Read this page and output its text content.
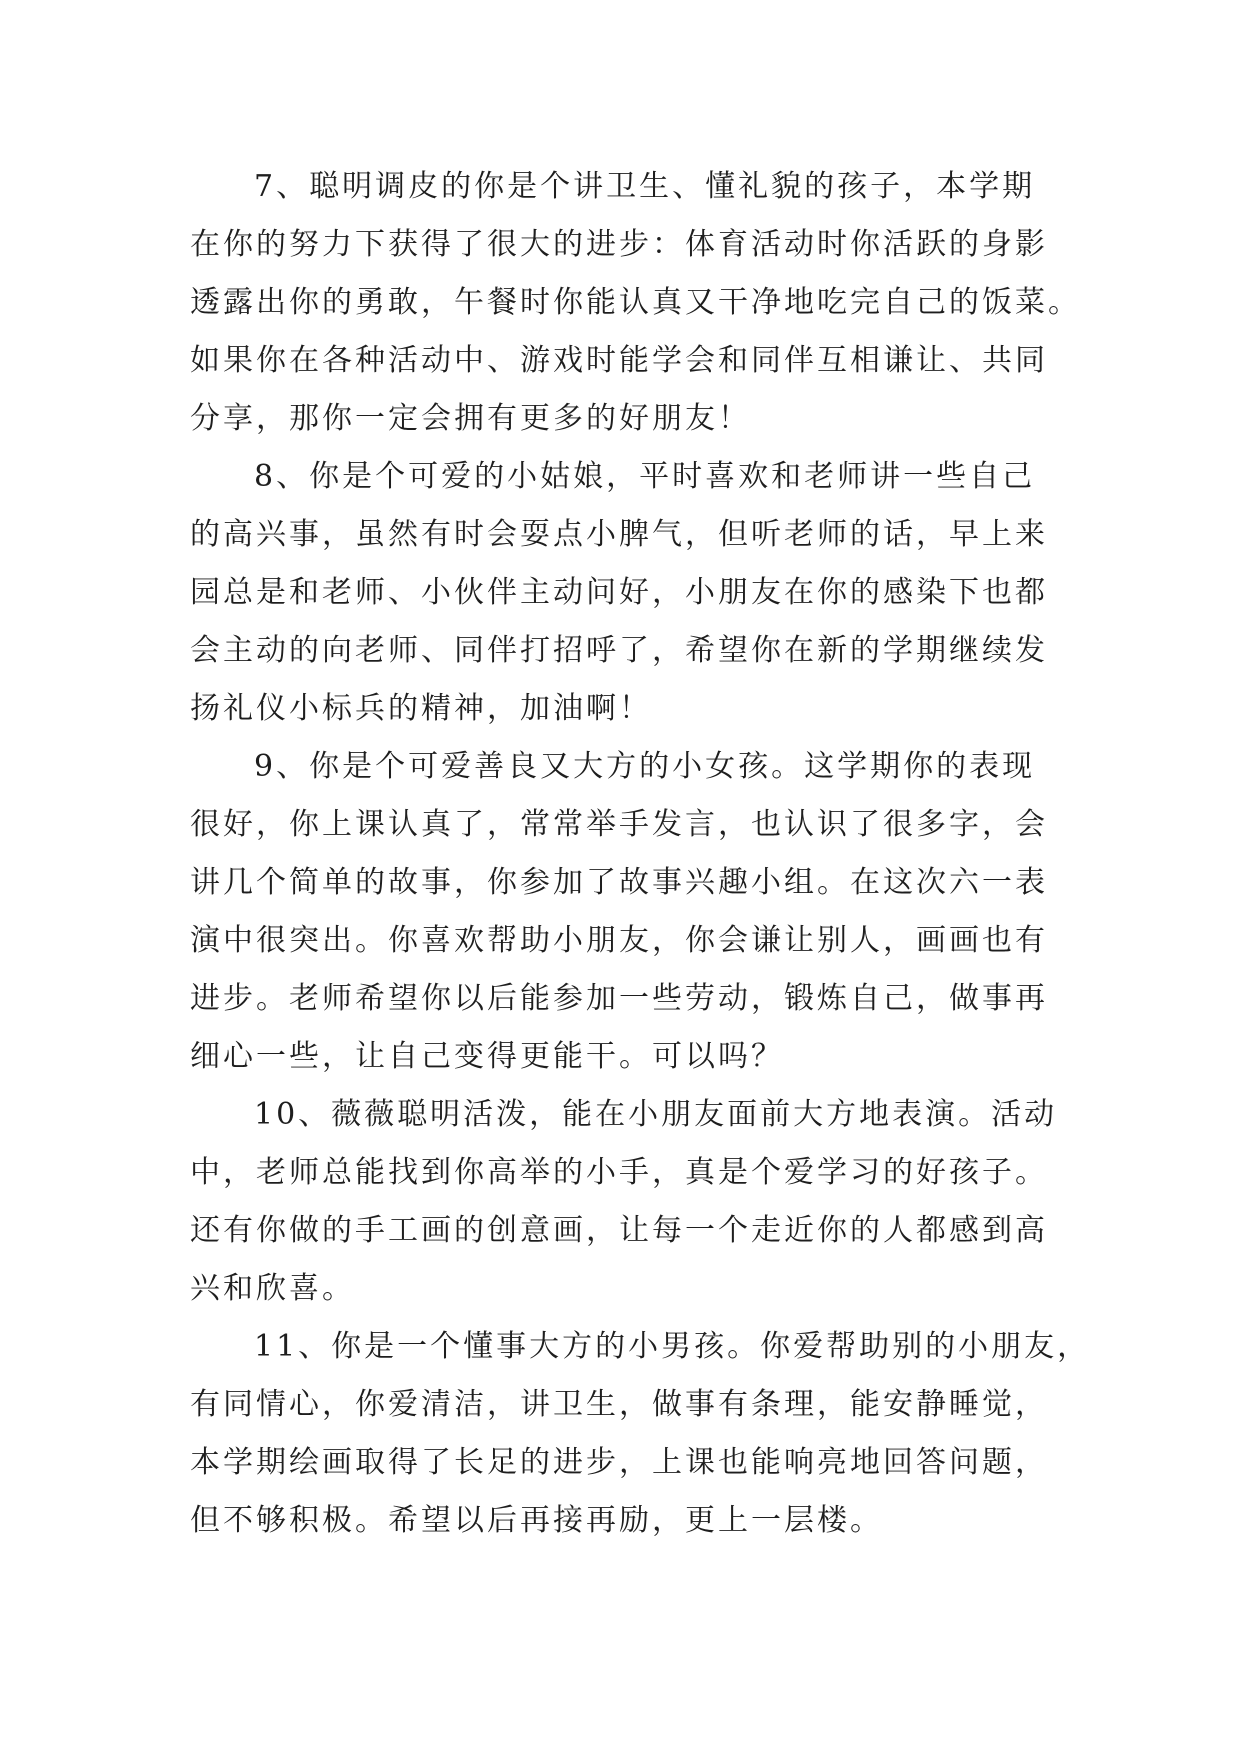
7、聪明调皮的你是个讲卫生、懂礼貌的孩子，本学期
在你的努力下获得了很大的进步：体育活动时你活跃的身影
透露出你的勇敢，午餐时你能认真又干净地吃完自己的饭菜。
如果你在各种活动中、游戏时能学会和同伴互相谦让、共同
分享，那你一定会拥有更多的好朋友！
8、你是个可爱的小姑娘，平时喜欢和老师讲一些自己
的高兴事，虽然有时会耍点小脾气，但听老师的话，早上来
园总是和老师、小伙伴主动问好，小朋友在你的感染下也都
会主动的向老师、同伴打招呼了，希望你在新的学期继续发
扬礼仪小标兵的精神，加油啊！
9、你是个可爱善良又大方的小女孩。这学期你的表现
很好，你上课认真了，常常举手发言，也认识了很多字，会
讲几个简单的故事，你参加了故事兴趣小组。在这次六一表
演中很突出。你喜欢帮助小朋友，你会谦让别人，画画也有
进步。老师希望你以后能参加一些劳动，锻炼自己，做事再
细心一些，让自己变得更能干。可以吗？
10、薇薇聪明活泼，能在小朋友面前大方地表演。活动
中，老师总能找到你高举的小手，真是个爱学习的好孩子。
还有你做的手工画的创意画，让每一个走近你的人都感到高
兴和欣喜。
11、你是一个懂事大方的小男孩。你爱帮助别的小朋友，
有同情心，你爱清洁，讲卫生，做事有条理，能安静睡觉，
本学期绘画取得了长足的进步，上课也能响亮地回答问题，
但不够积极。希望以后再接再励，更上一层楼。
